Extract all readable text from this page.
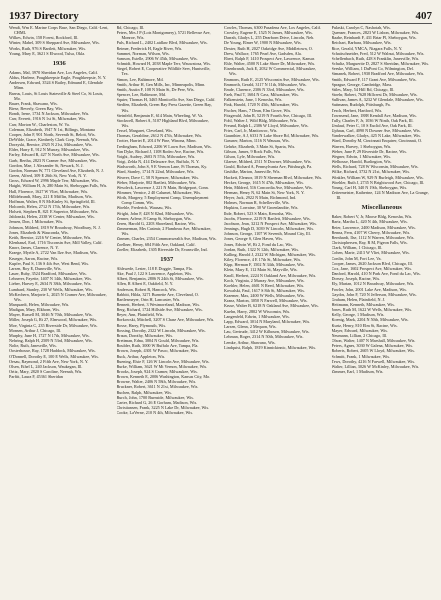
1937 Directory	407

Wendt, Wm E. Marine Corps Base, San Diego, Calif.-Lent, CHML

Wilkes, Edwin, 158 Forest, Rockford, Ill.

Winter, Mabel, 309 S Sheppard Ave, Milwaukee, Wis.

Works, Ruth, 976 S Bartlett, Milwaukee, Wis.

Young, Mary E, 3621 S Elwood, Tulsa, Okla.

1936

Adams, Mal, 3970 Sheridan Ave, Los Angeles, Calif.

Aldus, Harlene, Poughkeepsie Eagle, Poughkeepsie, N. Y.

Andersen, Edward, 3524 S Bailey, Edmund E, Glendale Minn.

Barrus, Louis, St Louis Statesville & Steel Co, St Louis, Mo.

Bauer, Frank, Shawano, Wis.

Biese, Beverly, Green Bay, Wis.

Bondt, Irene, 1734 N Jackson, Milwaukee, Wis.

Carr, Everett, 1916 N 1st St, Milwaukee, Wis.

Carr, Morton W., Charleston, W. Va.

Coleman, Elizabeth, 1947 N 1st, Billings, Montana

Cooper, John F, 901 North, Seventh St, Beloit, Wis.

DeWilde, Grace, Kimberly Clark Corp, Neenah, Wis.

Dorzyski, Bernice, 2925 N 21st, Milwaukee, Wis.

Elder, Harry E, 912 N Murray, Milwaukee, Wis.

Farley, Edward R, 427 N North Ave, Milwaukee, Wis.

Garb, Bertha, 2823 N Cramer Ave, Milwaukee, Wis.

Gordon, Mae, 1 Alexander St, Newark, N. J.

Gordon, Norman W, 771 Cleveland Ave, Elizabeth, N. J.

Green, Alfred, 309 E 26th St, New York, N. Y.

Gross, Edward W, 2996 Maple Terr, Milwaukee, Wis.

Haight, William H, Jr, 280 Main St, Sheboygan Falls, Wis.

Hall, Florence, 1627 W Vliet, Milwaukee, Wis.

Hilldebrandt, Mary, 221 E Mifflin, Madison, Wis.

Hoffman, Walter, 8 N McKinley St, Springfield, Ill.

Holcomb, Helen, 2712 N 17th, Milwaukee, Wis.

Holsett, Stephen R, 821 E Superior, Milwaukee, Wis.

Jablonski, Helen, 2338 W Center, Milwaukee, Wis.

Jensen, Don, 1 Milwaukee, Wis.

Johnson, Mildred, 1819 W Broadway, Woodbury, N. J.

Jones, Elizabeth & Wauconda, Wis.

Keith, Bernice, 2216 W Center, Milwaukee, Wis.

Klenhanzl, Earl, 1716 Tisconsin Ave, Mill Valley, Calif.

Knorr, James, Clarence, N. Y.

Kraege, Myrtle A, 2722 Van Ilze Ave, Madison, Wis.

Krueger, Aaron, Racine, Wis.

Kupfer, Paul S, 136 S 4th Ave, West Bend, Wis.

Larsen, Roy E, Dunnville, Wis.

Lauer, Ruby, 3524 Bradford, Milwaukee, Wis.

Lehnerer, Fayette, 1407 N 14th, Milwaukee, Wis.

Lieber, Harvey E, 2634 N 38th, Milwaukee, Wis.

Lumbard, Stanley, 230 W Wells, Milwaukee, Wis.

McKechern, Marjorie L, 2025 N Cramer Ave, Milwaukee, Wis.

Marquardt, Helen, Milwaukee, Wis.

Madigan, Mary, Elkhorn, Wis.

Mayer, Russell M, 3046 N 70th, Milwaukee, Wis.

Miller, Joseph G, Rt 27, Elmwood, Milwaukee, Wis.

Moe, Virginia C, 235 Riverside Dr, Milwaukee, Wis.

Monsen, Arthur J, Chicago, Ill.

Murphy, June H, 1727 N 17th, Milwaukee, Wis.

Nehring, Ralph H, 2509 N 53rd, Milwaukee, Wis.

Nolte, Ruth, Janesville, Wis.

Oosterhouse, Ray, 1728 Haddock, Milwaukee, Wis.

O'Donnell, Dorothy E, 100 E Wells, Milwaukee, Wis.

Oesau, Raymond, 2 Fifth Ave, New York, N. Y.

Olsen, Ethel L, 240 Jackson, Waukegan, Ill.

Ortiz, Mary, 2820 S Caroline, Neenah, Wis.

Parfitt, Laura F, 45361 Sheridan

Rd, Chicago, Ill.

Peters, Mrs J P (Lois Montgomery), 5721 Bellevue Ave, Monroe, Wis.

Puls, Richard L, 2402 Laidlaw Blvd, Milwaukee, Wis.

Reimer, Frederick H, Eagle River, Wis.

Sammet, Norman, Wilson, Wis.

Samson, Estelle, 2906 W 45th, Milwaukee, Wis.

Schmidt, Howard H, 2038 Maple Terr, Wauwatosa, Wis.

Siegel, Robert E, Cooperative Wildlife Serv, Huntsville, Tex.

Simon, Lee, Baltimore, Md.

Smith, Arthur H, Gen Mills, Inc, Minneapolis, Minn.

Smith, Austin F, 108 N Main St, De Pere, Wis.

Spencer, Lee, Baltimore, Md.

Squier, Thomas H, 3465 Monticello Ave, San Diego, Calif.

Stedfen, Elizabeth, Green Bay Press Gazette, Green Bay, Wis.

Steinfeld, Benjamin E, 614 Main, Wheeling, W. Va.

Stockwell, Robert A, 5107 Highland Blvd, Milwaukee, Wis.

Tessel, Margaret, Cleveland, Wis.

Thomas, Geraldine, 2612 N 47th, Milwaukee, Wis.

Trotter, Harriet E, 2014 W Pine, Winona, Minn.

Tredingham, Edward, 2206 W Lawn Ave, Madison, Wis.

Van Dyke, Richard J, 1108 Rodeo Ave, Racine, Wis.

Voight, Audrey, 2603 N 57th, Milwaukee, Wis.

Voigt, Zelda N, 414 Delaware Ave, Buffalo, N. Y.

Wadsworth, John S, 9 E Vernon Lane, Ft Thomas, Ky.

Ward, Stanley, 1714 N 22nd, Milwaukee, Wis.

Weaver, Dave C, 58 N Spencer, Milwaukee, Wis.

Weber, Marjorie, 802 Bartlett, Milwaukee, Wis.

Wesoleck, Lawrence J, 221 N Main, Bridgeport, Conn.

Wimmer, Vernice, 2 40 Calumet, Milwaukee, Wis.

Wirth, Margery, 5 Employment Comp, Unemployment Comp Comm, Wis.

Woehle, Frederick, Wausau, Wis.

Wright, John F, 428 N 82nd, Milwaukee, Wis.

Zenner, Arlene, 8 Camp St, Sheboygan, Wis.

Zeren, Harold G, 2203 Shoreland, Racine, Wis.

Zimmerman, Mrs Casimir, 2 Flambeau Ave, Milwaukee, Wis.

Zinmen, Charles, 2354 Commonwealth Ave, Madison, Wis.

Zoellner, Henry, 684 Fifth Ave, Oakland, Calif.

Zoeller, Elizabeth, 1305 Riverside Dr, Evansville, Ind.

1937

Ahlswede, Lester, 118 E Doggie, Tampa, Fla.

Ake, Paul J, 122 S Lawrence, Appleton, Wis.

Albert, Benjamin, 2806 N 24th St, Milwaukee, Wis.

Allen, R Albert E, Oakfield, N. Y.

Anderson, Robert R, Hancock, Wis.

Babbitt, Hilda, 3271 Burnette Ave, Cleveland, O.

Bartlesmeyer, Orin H, Lancaster, Wis.

Bennett, Herbert, 3 Westmoreland, Madison, Wis.

Berg, Richard, 1724 Hillside Ave, Milwaukee, Wis.

Beyer, Ann, Plainfield, Wis.

Borkowski, Mitchell, 3207 S Chase Ave, Milwaukee, Wis.

Bosse, Harry, Plymouth, Wis.

Bossing, Dorothy, 2322 W Lincoln, Milwaukee, Wis.

Braun, Dorothy, Milwaukee, Wis.

Brettman, Edna, 3004 N Gould, Milwaukee, Wis.

Boulder, Ruth, 3000 W Buffalo Ave, Tampa, Fla.

Brown, Joseph, 4301 W Pasco, Milwaukee, Wis.

Buck, Arthur, Appleton, Wis.

Buening, Elsie F, 126 W Lincoln Ave, Milwaukee, Wis.

Burke, William, 3621 W Mt Vernon, Milwaukee, Wis.

Brooks, Joseph, 924 S Cramer, Milwaukee, Wis.

Brown, Kenneth E, 2006 Washington, Kansas City, Mo.

Browne, Walter, 2406 N 58th, Milwaukee, Wis.

Bruckner, Robert, 3611 N 21st, Milwaukee, Wis.

Buchen, Ralph, Milwaukee, Wis.

Burch, John, 1700 Burnside, Milwaukee, Wis.

Carter, Richard G, 26 E Gorham, Madison, Wis.

Christiansen, Frank, 3225 N Lake Dr, Milwaukee, Wis.

Cooke, LaVerne, 210 N 4th, Milwaukee, Wis.

Cowles, Thomas, 6300 Pasadena Ave, Los Angeles, Calif.

Crowley, Eugene E, 1525 N James, Milwaukee, Wis.

Darrah, Gladys L, 255 Dearborn Drive, Lincoln, Neb.

De Young, Elmer W, 1900 N Milwaukee, Wis.

Dexter, Ruth H, 2027 Oakridge Ave, Middletown, O.

Drew, Wallace, 1765 Pearl Ave, Gadsden, Ala.

Ebert, Ralph F, 1410 Prospect Ave, Lawrence, Kansas

Ehle, Walter, 4500 N Lake Shore Dr, Milwaukee, Wis.

Eisenbrandt, Jack E, 2032 W Commercial, Milwaukee, Wis.

Emmons, Ruth E, 2125 Wisconsin Ave, Milwaukee, Wis.

Emmorth, Gerald, 3117 N 11th, Milwaukee, Wis.

Emde, Clarence, 2306 N 33rd, Milwaukee, Wis.

Faeh, Paul T, 1604 N Cass, Milwaukee, Wis.

Falkenstein, Jane, 1 Kenosha, Wis.

Fink, Harold, 1720 N 45th, Milwaukee, Wis.

Fischer, Hans, 7 Dean, Elm Grove, Wis.

Fitzgerald, John R, 5219 N Fourth Ave, Chicago, Ill.

Fohl, Walter J, Wild Bldg, Milwaukee, Wis.

Freund, Ralph L, 2306 W Lloyd, Milwaukee, Wis.

Fries, Carl, Jr, Manitowoc, Wis.

Gaunthier, A J, 6331 N Lake Shore Rd, Milwaukee, Wis.

Gassner, Marion, 1116 N Wausau, Wis.

Gehrke, Elizabeth, 3 Main St, Sparta, Wis.

Gibson, James, 9 Rock Falls, Wis.

Gilson, Lyle, Milwaukee, Wis.

Glaeser, Mildred, 2511 N Downer, Milwaukee, Wis.

Gould, Richard A, Pennsylvania Ave, Pittsburgh, Pa.

Gruhlke, Marion, Janesville, Wis.

Hackett, Eleanor, 1819 N Sherman Blvd, Milwaukee, Wis.

Hecker, George, 1615 N 47th, Milwaukee, Wis.

Hein, Mildred, 516 Concordia Ave, Milwaukee, Wis.

Herman, Henry N, 62 Main St, New York, N. Y.

Heyer, Jack, 2922 N Main, Richmond, Ind.

Holmes, Norman R, Schellerville, Wis.

Hopkins, Lorraine, 30 W Groenlandite, Wis.

Ihde, Robert, 523 S Main, Kenosha, Wis.

Jacobs, Florence, 2219 N Bartlett, Milwaukee, Wis.

Jacobson, Jean, 3212 N Prospect Ave, Milwaukee, Wis.

Jennings, Hugh D, 3039 W Lincoln, Milwaukee, Wis.

Johnson, George, 1107 W Seventh, Mound City, Ill.

Jones, George S, Glen Haven, Wis.

Jones, Edwin W, Rt 2, Fond du Lac, Wis.

Jordan, Ruth, 1322 N 12th, Milwaukee, Wis.

Kalling, Harold J, 2322 W Michigan, Milwaukee, Wis.

Kiley, Florence, 4 E 17th St, Milwaukee, Wis.

Kipp, Herman F, 1502 N 34th, Milwaukee, Wis.

Klein, Mary E, 112 Main St, Mayville, Wis.

Knoll, Herbert, 2224 N Oakland Ave, Milwaukee, Wis.

Koch, Virginia, 2 Murray Ave, Milwaukee, Wis.

Koehler, Helen, 4601 N Reed, Milwaukee, Wis.

Kowalski, Paul, 1617 S 8th St, Milwaukee, Wis.

Kraemer, Max, 2400 W Wells, Milwaukee, Wis.

Kranz, Marion, 3050 N Farwell, Milwaukee, Wis.

Kruse, Walter B, 6218 N Oakland Ave, Milwaukee, Wis.

Kuehn, Harry, 2802 W Wisconsin, Wis.

Langenfeld, Edwin, 1 Milwaukee, Wis.

Lapp, Edward, 3014 N Maryland, Milwaukee, Wis.

Larsen, Glenn, 2 Mequon, Wis.

Lau, Gertrude, 3412 W Kilbourn, Milwaukee, Wis.

Lehman, Roger, 2314 N 50th, Milwaukee, Wis.

Lemke, Arthur, Shawano, Wis.

Lindquist, Ralph, 1819 Kinnickinnic, Milwaukee, Wis.

Pulaski, Carolyn C, Nashotah, Wis.

Quenzer, Frances, 2823 W Lisbon, Milwaukee, Wis.

Raabe, Reinhardt F, 431 Briar Pl, Sheboygan, Wis.

Reichart, Barbara, Milwaukee, Wis.

Rice, Gerald, YMCA, Niagara Falls, N. Y.

Schattschneider, Fred, 512 W Walnut, Milwaukee, Wis.

Schellenbach, Ruth, 428 S Franklin, Janesville, Wis.

Schultz, Marguerite D, 2827 S Sheridan, Milwaukee, Wis.

Seeske, William, 1 DuPont Co, Wilmington, Del.

Simanek, Robert, 1930 Bradford Ave, Milwaukee, Wis.

Smith, Edward F, 117 Grant Ave, Milwaukee, Wis.

Sprague, George, Cambridge, Mass.

Stiles, Mary, 54 Hill Rd, Chicago, Ill.

Stoehr, Robert, 7628 Hillcrest Dr, Milwaukee, Wis.

Sullivan, James A, 3232 W Glendale, Milwaukee, Wis.

Suttmann, Rudolph, Pittsburgh, Pa.

Tesch, Herbert, Hartford, Wis.

Townsend, Jane, 1888 Kendall Ave, Madison, Wis.

Tully, Charles F, Jr, 1036 W Ninth, Oak Park, Ill.

Umlauf, Peter C, 10 S Euclid Ave, Oak Park, Ill.

Uphaus, Carl, 4090 N Downer Ave, Milwaukee, Wis.

Vanderwalker, Gladys, 425 N Lake, Milwaukee, Wis.

Ward, Dorothy M, Cincinnati Enquirer, Cincinnati, O.

Warren, Harvey, 1 Sheboygan, Wis.

Weber, June P, 29 Riverside Dr, Racine, Wis.

Wegner, Edwin, 1 Milwaukee, Wis.

Welhouse, Harold, Burlington, Wis.

Wells, Richard, 728 W Wisconsin, Milwaukee, Wis.

Wilke, Richard, 3732 N 21st, Milwaukee, Wis.

Winkler, William W, 929 N Burleigh, Milwaukee, Wis.

Woehler, Ruth J, 2735 N Brightwood Ave, Chicago, Ill.

Young, Carl H, 340 N 19th, Sheboygan, Wis.

Zeitermeister, Katherine, 124 N Madison Ave, La Grange, Ill.

Miscellaneous

Baker, Robert V, Jr, Moose Bldg, Kenosha, Wis.

Bartz, Martha L, 420 N 4th, Milwaukee, Wis.

Beier, Lawrence, 2400 Madison, Milwaukee, Wis.

Benna, Fern, 4107 W Cherry, Milwaukee, Wis.

Bernhardt, Ilse, 1112 N Warren, Milwaukee, Wis.

Christophersen, Ray, R M, Pigeon Falls, Wis.

Clark, William, 1 Chicago, Ill.

Cohen, Marie, 2413 W Vliet, Milwaukee, Wis.

Conlin, John M, Fort Lee, Va.

Cooper, James, 2620 Jackson Blvd, Chicago, Ill.

Cox, Jane, 1602 Prospect Ave, Milwaukee, Wis.

Danford, Harold, 410 N Park Ave, Fond du Lac, Wis.

Dorsey, Joseph, Racine, Wis.

Ely, Marian, 1012 N Broadway, Milwaukee, Wis.

Fowler, John, 2001 Lake Ave, Madison, Wis.

Gaydos, John F, 720 N Jefferson, Milwaukee, Wis.

Graham, Helen, Plainfield, N. J.

Heitmann, Kenneth, Milwaukee, Wis.

Jones, Ruth M, 1622 W Wells, Milwaukee, Wis.

Kelly, George, 1 Madison, Wis.

Koenig, Mark, 2204 N 50th, Milwaukee, Wis.

Kurtz, Henry, 810 Elm St, Racine, Wis.

Mayer, Edward, Milwaukee, Wis.

Neumann, Lillian, 2 Chicago, Ill.

Olson, Walter, 1407 N Marshall, Milwaukee, Wis.

Peters, Agnes, 3030 W Galena, Milwaukee, Wis.

Roberts, Robert, 2605 W Lloyd, Milwaukee, Wis.

Schmitt, Frank, 1 Milwaukee, Wis.

Tews, Dorothy, 4216 N Farwell, Milwaukee, Wis.

Walter, Lillian, 3026 W McKinley, Milwaukee, Wis.

Zimmer, Earl, 1 Madison, Wis.
